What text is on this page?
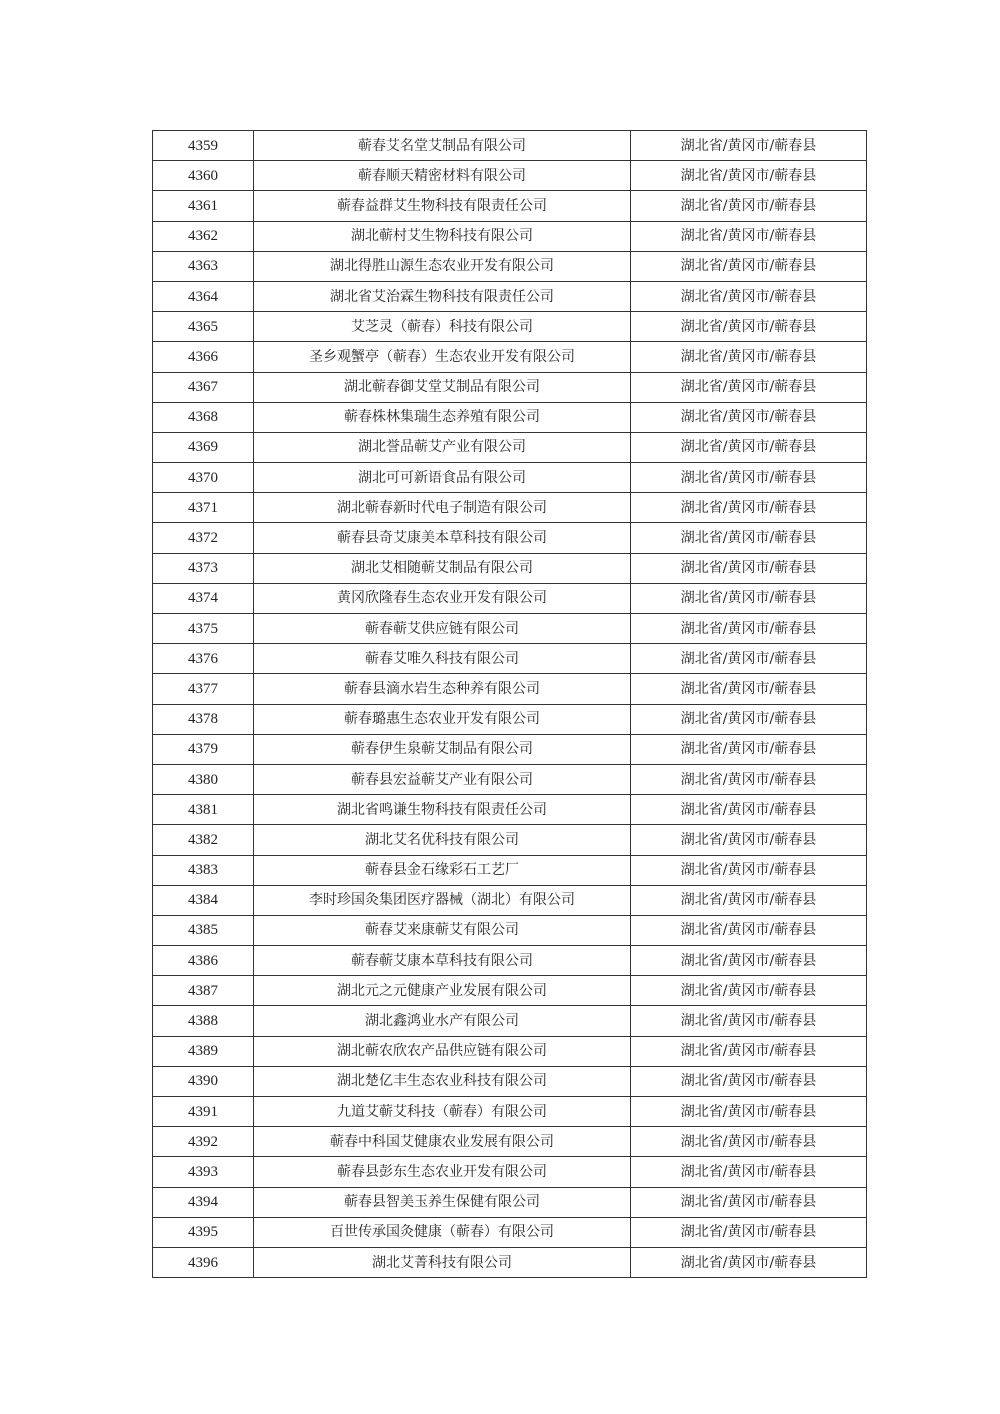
4359	蕲春艾名堂艾制品有限公司	湖北省/黄冈市/蕲春县
4360	蕲春顺天精密材料有限公司	湖北省/黄冈市/蕲春县
4361	蕲春益群艾生物科技有限责任公司	湖北省/黄冈市/蕲春县
4362	湖北蕲村艾生物科技有限公司	湖北省/黄冈市/蕲春县
4363	湖北得胜山源生态农业开发有限公司	湖北省/黄冈市/蕲春县
4364	湖北省艾治霖生物科技有限责任公司	湖北省/黄冈市/蕲春县
4365	艾芝灵（蕲春）科技有限公司	湖北省/黄冈市/蕲春县
4366	圣乡观蟹亭（蕲春）生态农业开发有限公司	湖北省/黄冈市/蕲春县
4367	湖北蕲春御艾堂艾制品有限公司	湖北省/黄冈市/蕲春县
4368	蕲春株林集瑞生态养殖有限公司	湖北省/黄冈市/蕲春县
4369	湖北誉品蕲艾产业有限公司	湖北省/黄冈市/蕲春县
4370	湖北可可新语食品有限公司	湖北省/黄冈市/蕲春县
4371	湖北蕲春新时代电子制造有限公司	湖北省/黄冈市/蕲春县
4372	蕲春县奇艾康美本草科技有限公司	湖北省/黄冈市/蕲春县
4373	湖北艾相随蕲艾制品有限公司	湖北省/黄冈市/蕲春县
4374	黄冈欣隆春生态农业开发有限公司	湖北省/黄冈市/蕲春县
4375	蕲春蕲艾供应链有限公司	湖北省/黄冈市/蕲春县
4376	蕲春艾唯久科技有限公司	湖北省/黄冈市/蕲春县
4377	蕲春县滴水岩生态种养有限公司	湖北省/黄冈市/蕲春县
4378	蕲春璐惠生态农业开发有限公司	湖北省/黄冈市/蕲春县
4379	蕲春伊生泉蕲艾制品有限公司	湖北省/黄冈市/蕲春县
4380	蕲春县宏益蕲艾产业有限公司	湖北省/黄冈市/蕲春县
4381	湖北省鸣谦生物科技有限责任公司	湖北省/黄冈市/蕲春县
4382	湖北艾名优科技有限公司	湖北省/黄冈市/蕲春县
4383	蕲春县金石缘彩石工艺厂	湖北省/黄冈市/蕲春县
4384	李时珍国灸集团医疗器械（湖北）有限公司	湖北省/黄冈市/蕲春县
4385	蕲春艾来康蕲艾有限公司	湖北省/黄冈市/蕲春县
4386	蕲春蕲艾康本草科技有限公司	湖北省/黄冈市/蕲春县
4387	湖北元之元健康产业发展有限公司	湖北省/黄冈市/蕲春县
4388	湖北鑫鸿业水产有限公司	湖北省/黄冈市/蕲春县
4389	湖北蕲农欣农产品供应链有限公司	湖北省/黄冈市/蕲春县
4390	湖北楚亿丰生态农业科技有限公司	湖北省/黄冈市/蕲春县
4391	九道艾蕲艾科技（蕲春）有限公司	湖北省/黄冈市/蕲春县
4392	蕲春中科国艾健康农业发展有限公司	湖北省/黄冈市/蕲春县
4393	蕲春县彭东生态农业开发有限公司	湖北省/黄冈市/蕲春县
4394	蕲春县智美玉养生保健有限公司	湖北省/黄冈市/蕲春县
4395	百世传承国灸健康（蕲春）有限公司	湖北省/黄冈市/蕲春县
4396	湖北艾菁科技有限公司	湖北省/黄冈市/蕲春县
